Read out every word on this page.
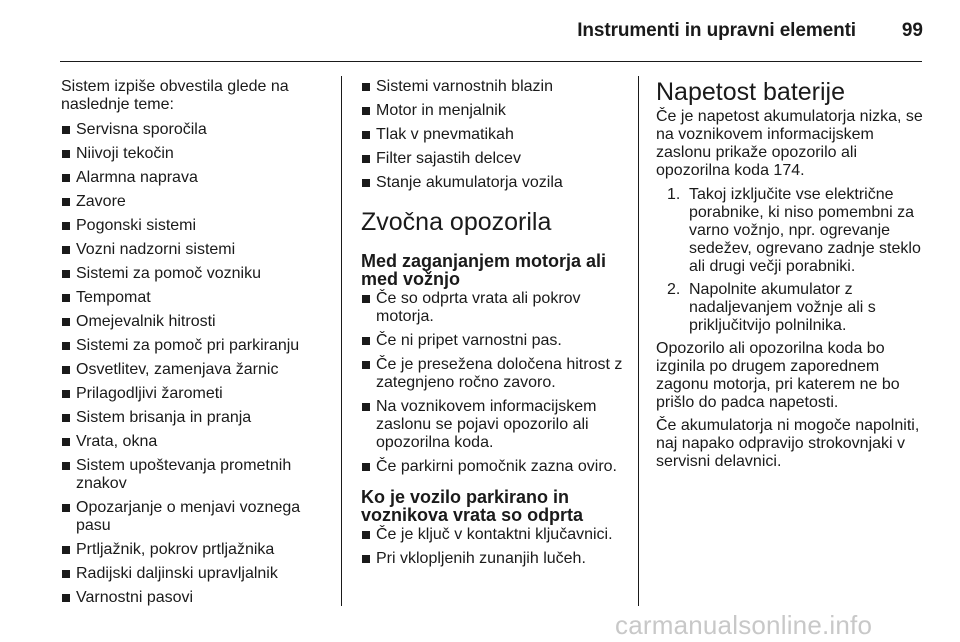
Instrumenti in upravni elementi	99

Sistem izpiše obvestila glede na naslednje teme:

Servisna sporočila
Niivoji tekočin
Alarmna naprava
Zavore
Pogonski sistemi
Vozni nadzorni sistemi
Sistemi za pomoč vozniku
Tempomat
Omejevalnik hitrosti
Sistemi za pomoč pri parkiranju
Osvetlitev, zamenjava žarnic
Prilagodljivi žarometi
Sistem brisanja in pranja
Vrata, okna
Sistem upoštevanja prometnih znakov
Opozarjanje o menjavi voznega pasu
Prtljažnik, pokrov prtljažnika
Radijski daljinski upravljalnik
Varnostni pasovi
Sistemi varnostnih blazin
Motor in menjalnik
Tlak v pnevmatikah
Filter sajastih delcev
Stanje akumulatorja vozila
Zvočna opozorila
Med zaganjanjem motorja ali med vožnjo
Če so odprta vrata ali pokrov motorja.
Če ni pripet varnostni pas.
Če je presežena določena hitrost z zategnjeno ročno zavoro.
Na voznikovem informacijskem zaslonu se pojavi opozorilo ali opozorilna koda.
Če parkirni pomočnik zazna oviro.
Ko je vozilo parkirano in voznikova vrata so odprta
Če je ključ v kontaktni ključavnici.
Pri vklopljenih zunanjih lučeh.
Napetost baterije

Če je napetost akumulatorja nizka, se na voznikovem informacijskem zaslonu prikaže opozorilo ali opozorilna koda 174.

1. Takoj izključite vse električne porabnike, ki niso pomembni za varno vožnjo, npr. ogrevanje sedežev, ogrevano zadnje steklo ali drugi večji porabniki.
2. Napolnite akumulator z nadaljevanjem vožnje ali s priključitvijo polnilnika.

Opozorilo ali opozorilna koda bo izginila po drugem zaporednem zagonu motorja, pri katerem ne bo prišlo do padca napetosti.

Če akumulatorja ni mogoče napolniti, naj napako odpravijo strokovnjaki v servisni delavnici.

carmanualsonline.info
